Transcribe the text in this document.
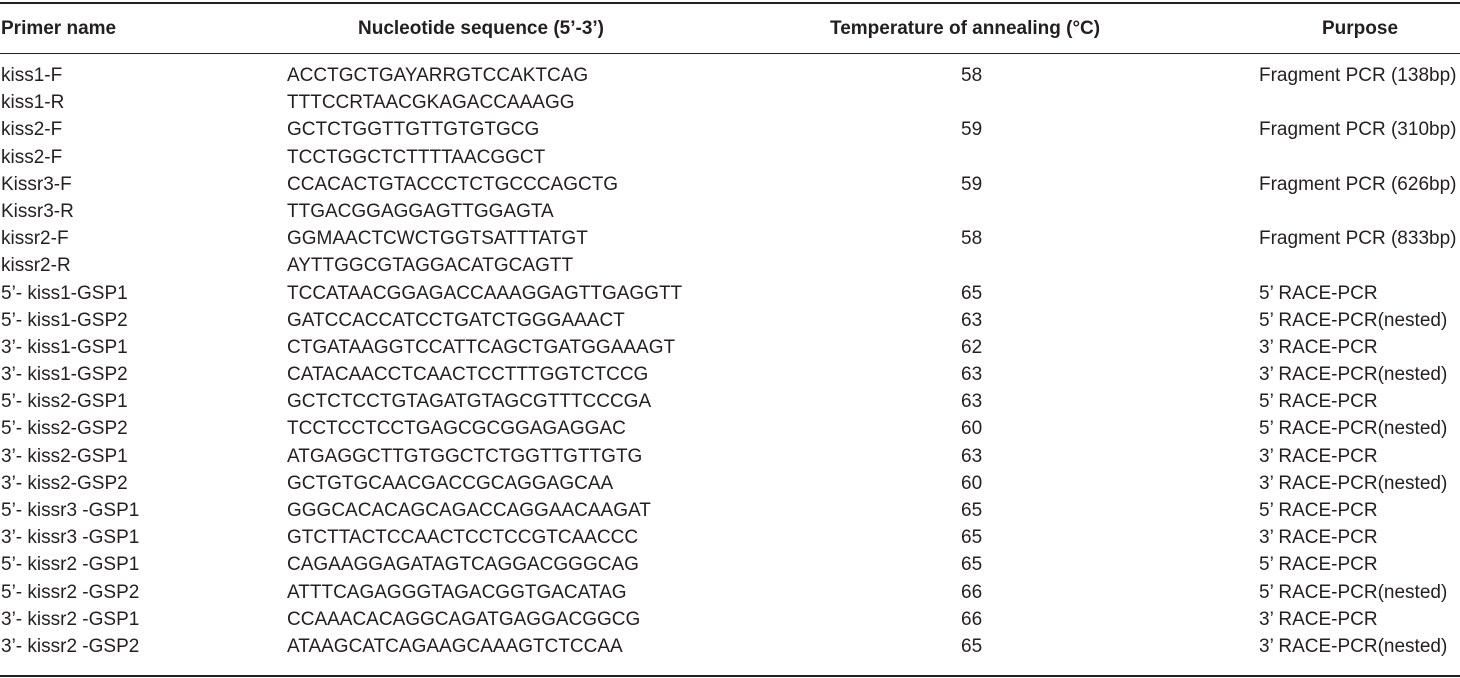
Primer name	Nucleotide sequence (5’-3’)	Temperature of annealing (°C)	Purpose
kiss1-F	ACCTGCTGAYARRGTCCAKTCAG	58	Fragment PCR (138bp)
kiss1-R	TTTCCRTAACGKAGACCAAAGG
kiss2-F	GCTCTGGTTGTTGTGTGCG	59	Fragment PCR (310bp)
kiss2-F	TCCTGGCTCTTTTAACGGCT
Kissr3-F	CCACACTGTACCCTCTGCCCAGCTG	59	Fragment PCR (626bp)
Kissr3-R	TTGACGGAGGAGTTGGAGTA
kissr2-F	GGMAACTCWCTGGTSATTTATGT	58	Fragment PCR (833bp)
kissr2-R	AYTTGGCGTAGGACATGCAGTT
5’- kiss1-GSP1	TCCATAACGGAGACCAAAGGAGTTGAGGTT	65	5’ RACE-PCR
5’- kiss1-GSP2	GATCCACCATCCTGATCTGGGAAACT	63	5’ RACE-PCR(nested)
3’- kiss1-GSP1	CTGATAAGGTCCATTCAGCTGATGGAAAGT	62	3’ RACE-PCR
3’- kiss1-GSP2	CATACAACCTCAACTCCTTTGGTCTCCG	63	3’ RACE-PCR(nested)
5’- kiss2-GSP1	GCTCTCCTGTAGATGTAGCGTTTCCCGA	63	5’ RACE-PCR
5’- kiss2-GSP2	TCCTCCTCCTGAGCGCGGAGAGGAC	60	5’ RACE-PCR(nested)
3’- kiss2-GSP1	ATGAGGCTTGTGGCTCTGGTTGTTGTG	63	3’ RACE-PCR
3’- kiss2-GSP2	GCTGTGCAACGACCGCAGGAGCAA	60	3’ RACE-PCR(nested)
5’- kissr3 -GSP1	GGGCACACAGCAGACCAGGAACAAGAT	65	5’ RACE-PCR
3’- kissr3 -GSP1	GTCTTACTCCAACTCCTCCGTCAACCC	65	3’ RACE-PCR
5’- kissr2 -GSP1	CAGAAGGAGATAGTCAGGACGGGCAG	65	5’ RACE-PCR
5’- kissr2 -GSP2	ATTTCAGAGGGTAGACGGTGACATAG	66	5’ RACE-PCR(nested)
3’- kissr2 -GSP1	CCAAACACAGGCAGATGAGGACGGCG	66	3’ RACE-PCR
3’- kissr2 -GSP2	ATAAGCATCAGAAGCAAAGTCTCCAA	65	3’ RACE-PCR(nested)
